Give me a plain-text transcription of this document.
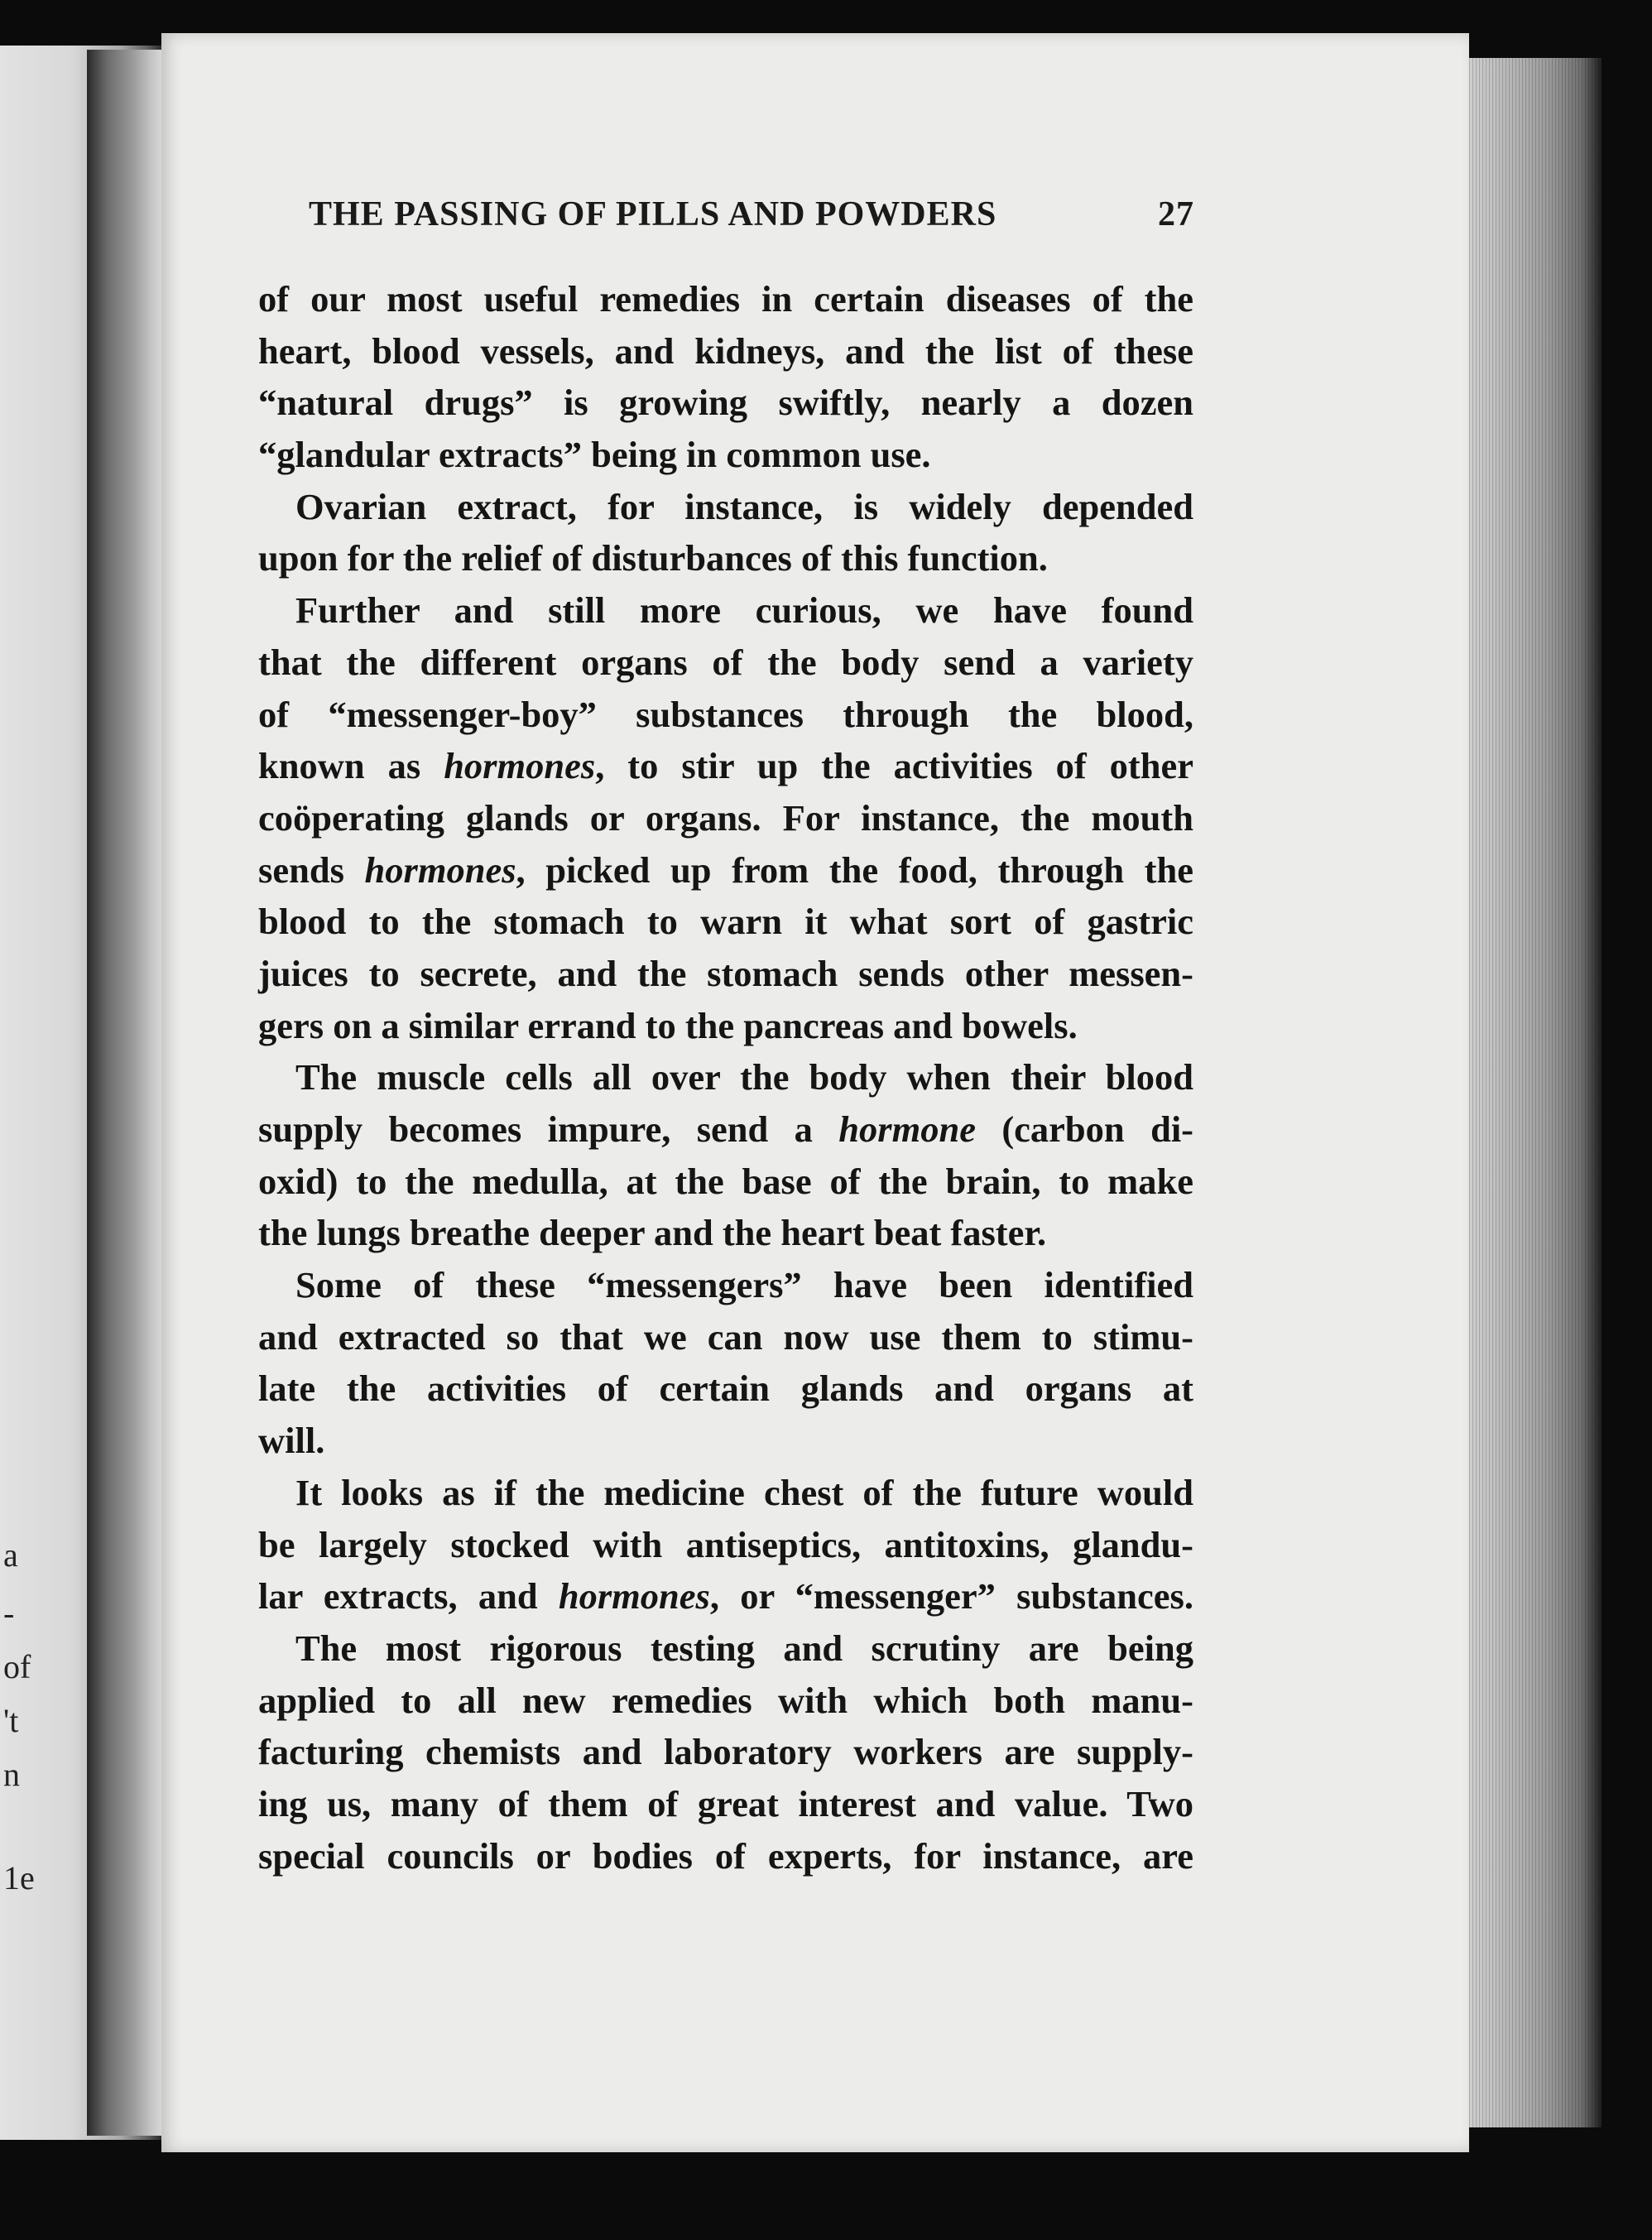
a
-
of
't
n
1e
THE PASSING OF PILLS AND POWDERS	27
of our most useful remedies in certain diseases of the
heart, blood vessels, and kidneys, and the list of these
“natural drugs” is growing swiftly, nearly a dozen
“glandular extracts” being in common use.
Ovarian extract, for instance, is widely depended
upon for the relief of disturbances of this function.
Further and still more curious, we have found
that the different organs of the body send a variety
of “messenger-boy” substances through the blood,
known as hormones, to stir up the activities of other
coöperating glands or organs. For instance, the mouth
sends hormones, picked up from the food, through the
blood to the stomach to warn it what sort of gastric
juices to secrete, and the stomach sends other messen-
gers on a similar errand to the pancreas and bowels.
The muscle cells all over the body when their blood
supply becomes impure, send a hormone (carbon di-
oxid) to the medulla, at the base of the brain, to make
the lungs breathe deeper and the heart beat faster.
Some of these “messengers” have been identified
and extracted so that we can now use them to stimu-
late the activities of certain glands and organs at
will.
It looks as if the medicine chest of the future would
be largely stocked with antiseptics, antitoxins, glandu-
lar extracts, and hormones, or “messenger” substances.
The most rigorous testing and scrutiny are being
applied to all new remedies with which both manu-
facturing chemists and laboratory workers are supply-
ing us, many of them of great interest and value. Two
special councils or bodies of experts, for instance, are
